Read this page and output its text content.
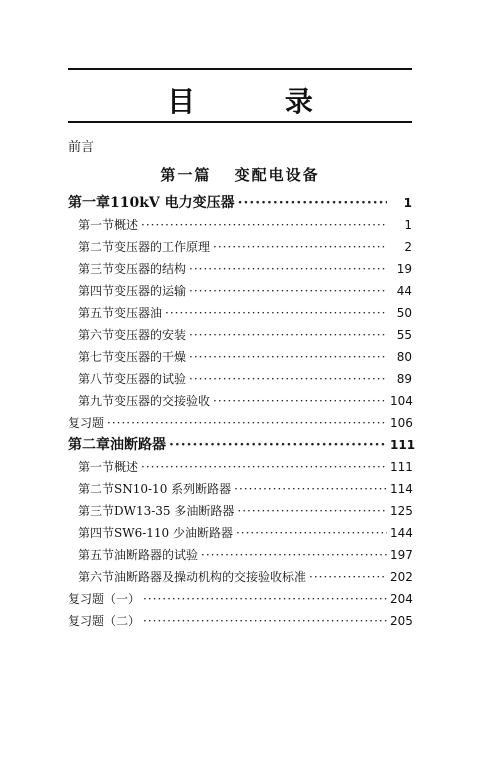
目 录
前言
第一篇 变配电设备
第一章 110kV 电力变压器 ·····	1
第一节 概述 ·····	1
第二节 变压器的工作原理 ·····	2
第三节 变压器的结构 ·····	19
第四节 变压器的运输 ·····	44
第五节 变压器油 ·····	50
第六节 变压器的安装 ·····	55
第七节 变压器的干燥 ·····	80
第八节 变压器的试验 ·····	89
第九节 变压器的交接验收 ·····	104
复习题 ·····	106
第二章 油断路器 ·····	111
第一节 概述 ·····	111
第二节 SN10-10 系列断路器 ·····	114
第三节 DW13-35 多油断路器 ·····	125
第四节 SW6-110 少油断路器 ·····	144
第五节 油断路器的试验 ·····	197
第六节 油断路器及操动机构的交接验收标准 ·····	202
复习题（一） ·····	204
复习题（二） ·····	205
